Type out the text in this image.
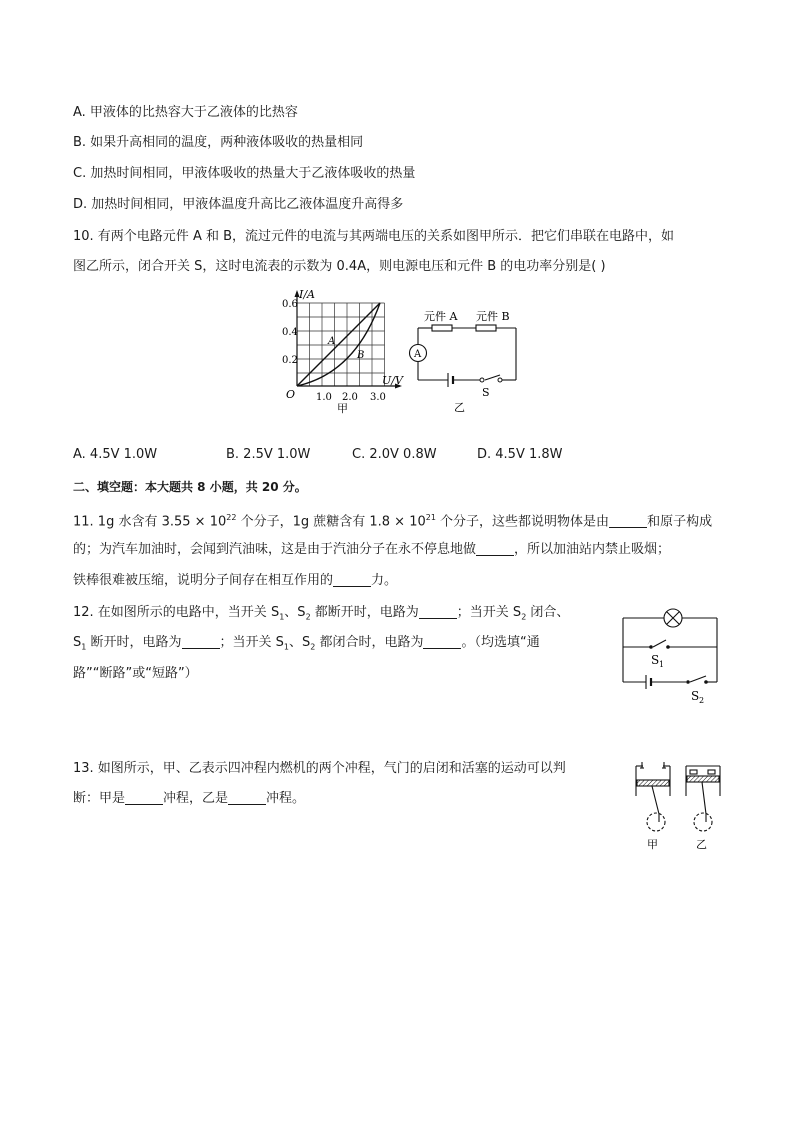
A. 甲液体的比热容大于乙液体的比热容
B. 如果升高相同的温度，两种液体吸收的热量相同
C. 加热时间相同，甲液体吸收的热量大于乙液体吸收的热量
D. 加热时间相同，甲液体温度升高比乙液体温度升高得多
10. 有两个电路元件 A 和 B，流过元件的电流与其两端电压的关系如图甲所示．把它们串联在电路中，如
图乙所示，闭合开关 S，这时电流表的示数为 0.4A，则电源电压和元件 B 的电功率分别是( )
I/A
0.6
0.4
0.2
O 1.0 2.0 3.0
U/V
A
B
甲
元件 A 元件 B
A
S
乙
A. 4.5V 1.0W	B. 2.5V 1.0W	C. 2.0V 0.8W	D. 4.5V 1.8W
二、填空题：本大题共 8 小题，共 20 分。
11. 1g 水含有 $3.55 \times 10^{22}$ 个分子，1g 蔗糖含有 $1.8 \times 10^{21}$ 个分子，这些都说明物体是由	和原子构成
的；为汽车加油时，会闻到汽油味，这是由于汽油分子在永不停息地做	，所以加油站内禁止吸烟；
铁棒很难被压缩，说明分子间存在相互作用的	力。
12. 在如图所示的电路中，当开关 $S_1$、$S_2$ 都断开时，电路为	；当开关 $S_2$ 闭合、
$S_1$ 断开时，电路为	；当开关 $S_1$、$S_2$ 都闭合时，电路为	。（均选填“通
路”“断路”或“短路”）
S 1
S 2
13. 如图所示，甲、乙表示四冲程内燃机的两个冲程，气门的启闭和活塞的运动可以判
断：甲是	冲程，乙是	冲程。
甲	乙
